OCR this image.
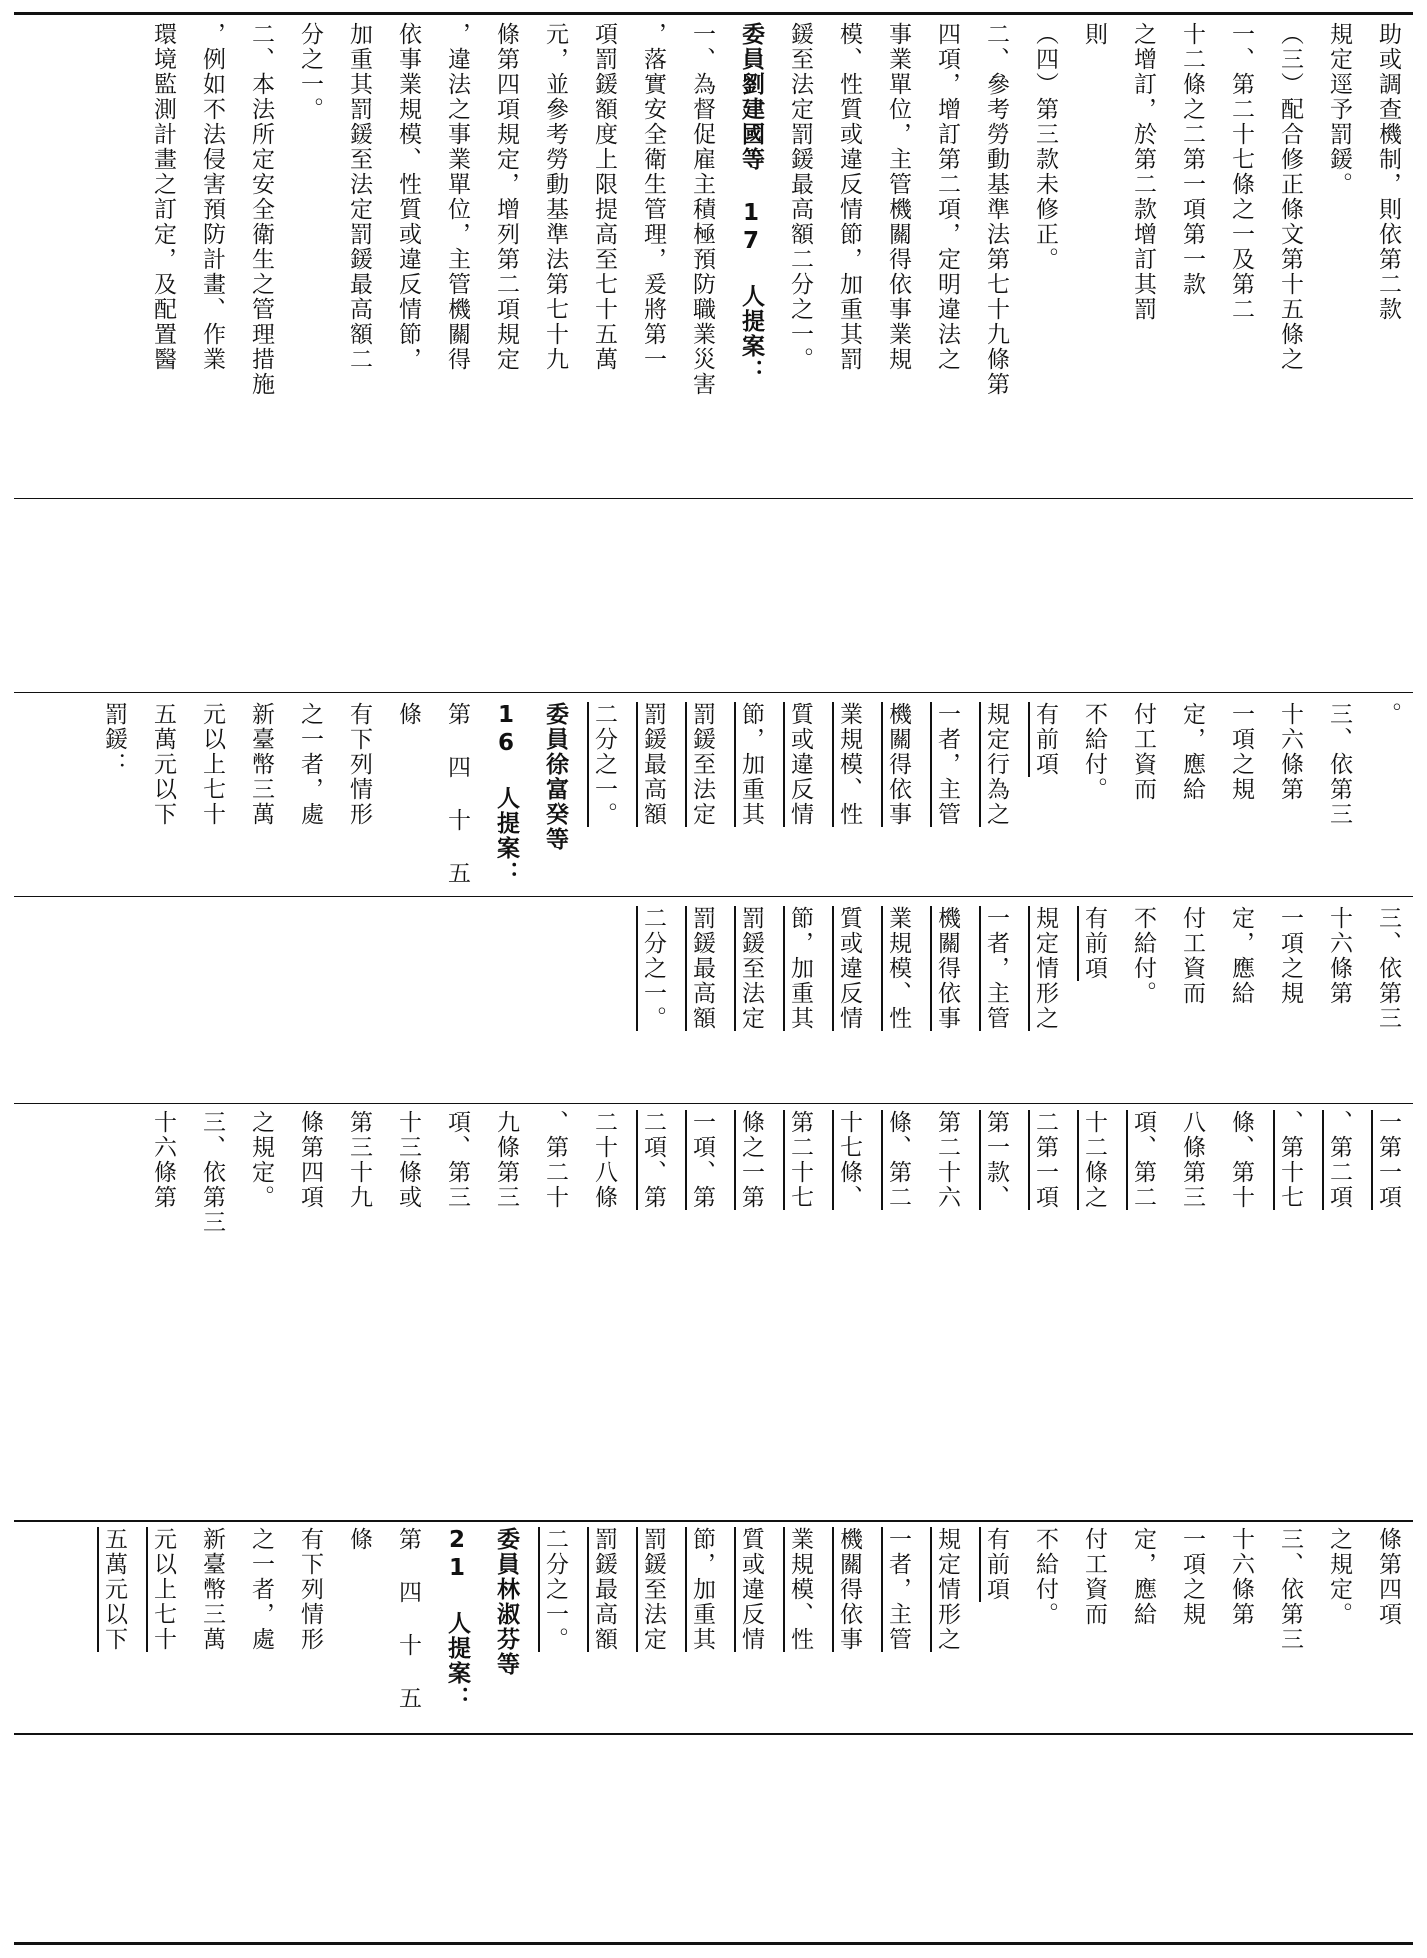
助或調查機制，則依第二款

規定逕予罰鍰。

（三）配合修正條文第十五條之

一、第二十七條之一及第二

十二條之二第一項第一款

之增訂，於第二款增訂其罰

則

（四）第三款未修正。

二、參考勞動基準法第七十九條第

四項，增訂第二項，定明違法之

事業單位，主管機關得依事業規

模、性質或違反情節，加重其罰

鍰至法定罰鍰最高額二分之一。

委員劉建國等 17 人提案：

一、為督促雇主積極預防職業災害

，落實安全衛生管理，爰將第一

項罰鍰額度上限提高至七十五萬

元，並參考勞動基準法第七十九

條第四項規定，增列第二項規定

，違法之事業單位，主管機關得

依事業規模、性質或違反情節，

加重其罰鍰至法定罰鍰最高額二

分之一。

二、本法所定安全衛生之管理措施

，例如不法侵害預防計畫、作業

環境監測計畫之訂定，及配置醫

。

三、依第三

十六條第

一項之規

定，應給

付工資而

不給付。

有前項

規定行為之

一者，主管

機關得依事

業規模、性

質或違反情

節，加重其

罰鍰至法定

罰鍰最高額

二分之一。

委員徐富癸等

16 人提案：

第 四 十 五 條

有下列情形

之一者，處

新臺幣三萬

元以上七十

五萬元以下

罰鍰：

三、依第三

十六條第

一項之規

定，應給

付工資而

不給付。

有前項

規定情形之

一者，主管

機關得依事

業規模、性

質或違反情

節，加重其

罰鍰至法定

罰鍰最高額

二分之一。

一第一項

、第二項

、第十七

條、第十

八條第三

項、第二

十二條之

二第一項

第一款、

第二十六

條、第二

十七條、

第二十七

條之一第

一項、第

二項、第

二十八條

、第二十

九條第三

項、第三

十三條或

第三十九

條第四項

之規定。

三、依第三

十六條第

條第四項

之規定。

三、依第三

十六條第

一項之規

定，應給

付工資而

不給付。

有前項

規定情形之

一者，主管

機關得依事

業規模、性

質或違反情

節，加重其

罰鍰至法定

罰鍰最高額

二分之一。

委員林淑芬等

21 人提案：

第 四 十 五 條

有下列情形

之一者，處

新臺幣三萬

元以上七十

五萬元以下
